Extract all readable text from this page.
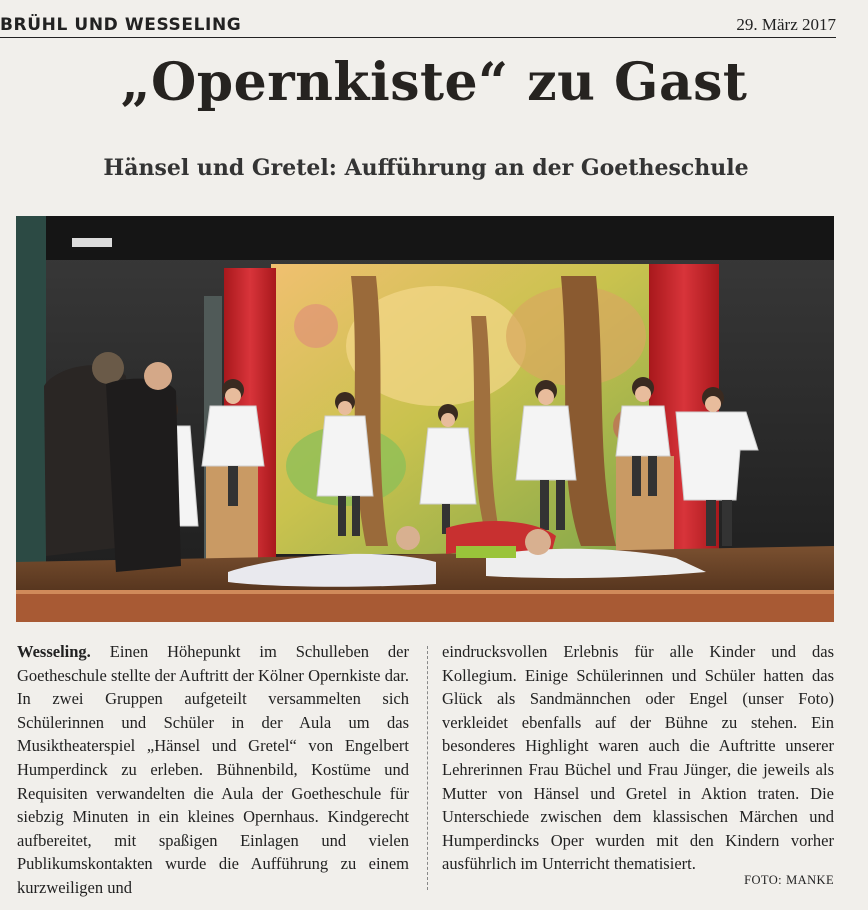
BRÜHL UND WESSELING	29. März 2017
„Opernkiste“ zu Gast
Hänsel und Gretel: Aufführung an der Goetheschule

Wesseling. Einen Höhepunkt im Schulleben der Goetheschule stellte der Auftritt der Kölner Opernkiste dar. In zwei Gruppen aufgeteilt versammelten sich Schülerinnen und Schüler in der Aula um das Musiktheaterspiel „Hänsel und Gretel“ von Engelbert Humperdinck zu erleben. Bühnenbild, Kostüme und Requisiten verwandelten die Aula der Goetheschule für siebzig Minuten in ein kleines Opernhaus. Kindgerecht aufbereitet, mit spaßigen Einlagen und vielen Publikumskontakten wurde die Aufführung zu einem kurzweiligen und

eindrucksvollen Erlebnis für alle Kinder und das Kollegium. Einige Schülerinnen und Schüler hatten das Glück als Sandmännchen oder Engel (unser Foto) verkleidet ebenfalls auf der Bühne zu stehen. Ein besonderes Highlight waren auch die Auftritte unserer Lehrerinnen Frau Büchel und Frau Jünger, die jeweils als Mutter von Hänsel und Gretel in Aktion traten. Die Unterschiede zwischen dem klassischen Märchen und Humperdincks Oper wurden mit den Kindern vorher ausführlich im Unterricht thematisiert.

FOTO: MANKE
